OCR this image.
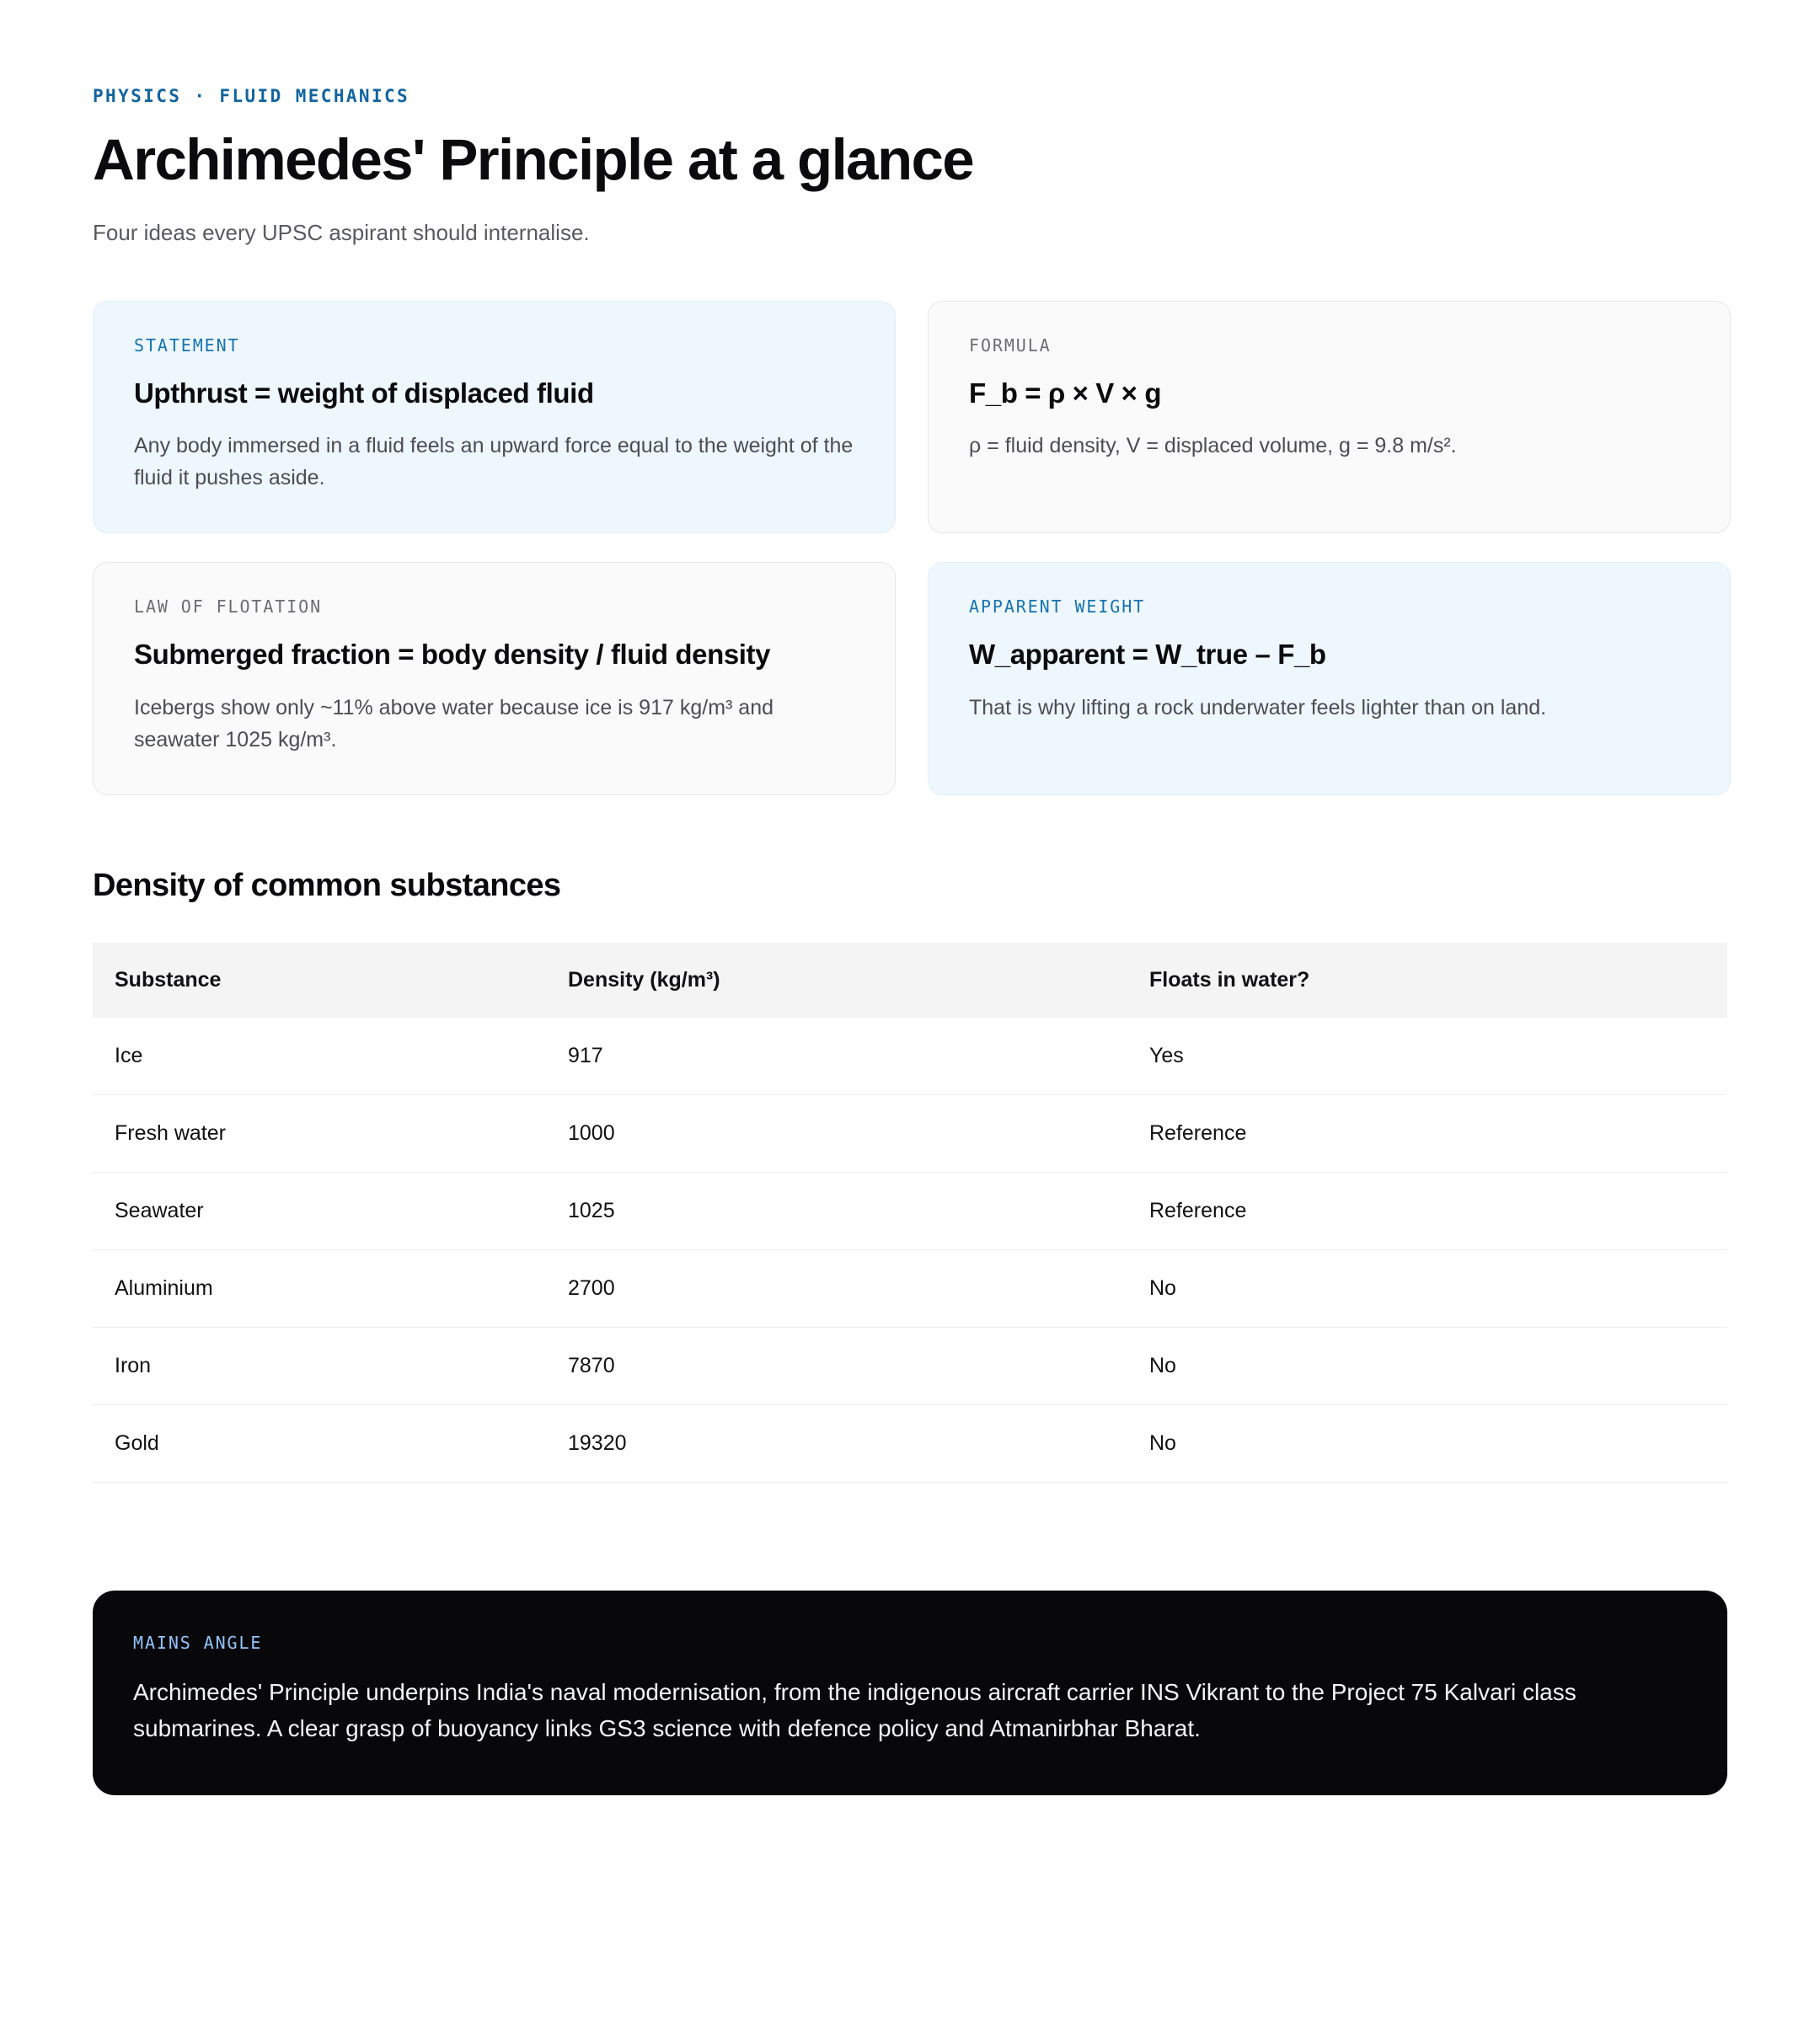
PHYSICS · FLUID MECHANICS
Archimedes' Principle at a glance

Four ideas every UPSC aspirant should internalise.

STATEMENT
Upthrust = weight of displaced fluid
Any body immersed in a fluid feels an upward force equal to the weight of the fluid it pushes aside.
FORMULA
F_b = ρ × V × g
ρ = fluid density, V = displaced volume, g = 9.8 m/s².
LAW OF FLOTATION
Submerged fraction = body density / fluid density
Icebergs show only ~11% above water because ice is 917 kg/m³ and seawater 1025 kg/m³.
APPARENT WEIGHT
W_apparent = W_true – F_b
That is why lifting a rock underwater feels lighter than on land.
Density of common substances
Substance	Density (kg/m³)	Floats in water?
Ice	917	Yes
Fresh water	1000	Reference
Seawater	1025	Reference
Aluminium	2700	No
Iron	7870	No
Gold	19320	No
MAINS ANGLE
Archimedes' Principle underpins India's naval modernisation, from the indigenous aircraft carrier INS Vikrant to the Project 75 Kalvari class submarines. A clear grasp of buoyancy links GS3 science with defence policy and Atmanirbhar Bharat.
